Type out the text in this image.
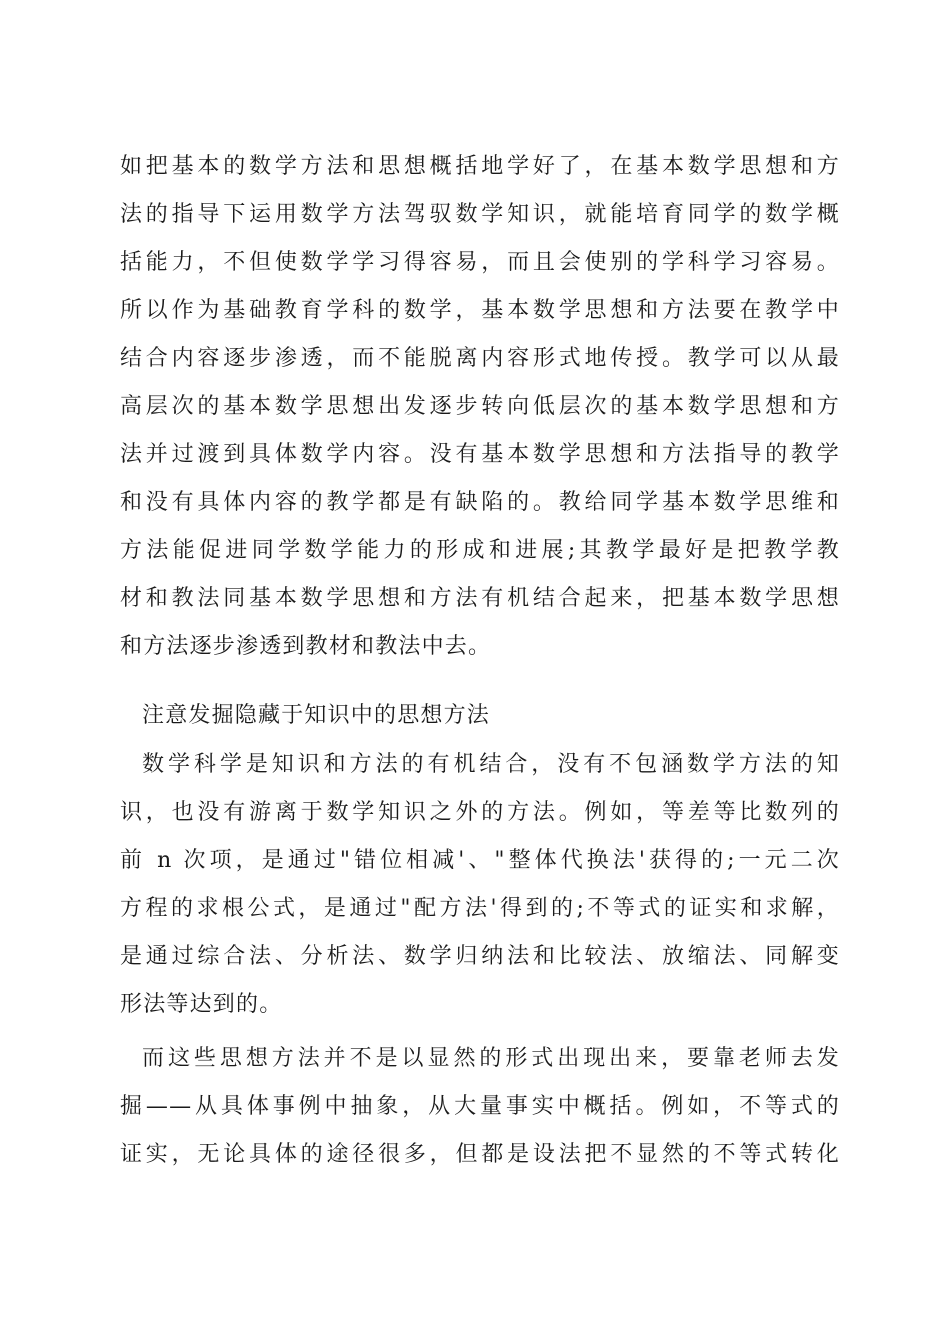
如把基本的数学方法和思想概括地学好了，在基本数学思想和方
法的指导下运用数学方法驾驭数学知识，就能培育同学的数学概
括能力，不但使数学学习得容易，而且会使别的学科学习容易。
所以作为基础教育学科的数学，基本数学思想和方法要在教学中
结合内容逐步渗透，而不能脱离内容形式地传授。教学可以从最
高层次的基本数学思想出发逐步转向低层次的基本数学思想和方
法并过渡到具体数学内容。没有基本数学思想和方法指导的教学
和没有具体内容的教学都是有缺陷的。教给同学基本数学思维和
方法能促进同学数学能力的形成和进展;其教学最好是把教学教
材和教法同基本数学思想和方法有机结合起来，把基本数学思想
和方法逐步渗透到教材和教法中去。
注意发掘隐藏于知识中的思想方法
数学科学是知识和方法的有机结合，没有不包涵数学方法的知
识，也没有游离于数学知识之外的方法。例如，等差等比数列的
前 n 次项，是通过"错位相减'、"整体代换法'获得的;一元二次
方程的求根公式，是通过"配方法'得到的;不等式的证实和求解，
是通过综合法、分析法、数学归纳法和比较法、放缩法、同解变
形法等达到的。
而这些思想方法并不是以显然的形式出现出来，要靠老师去发
掘——从具体事例中抽象，从大量事实中概括。例如，不等式的
证实，无论具体的途径很多，但都是设法把不显然的不等式转化
